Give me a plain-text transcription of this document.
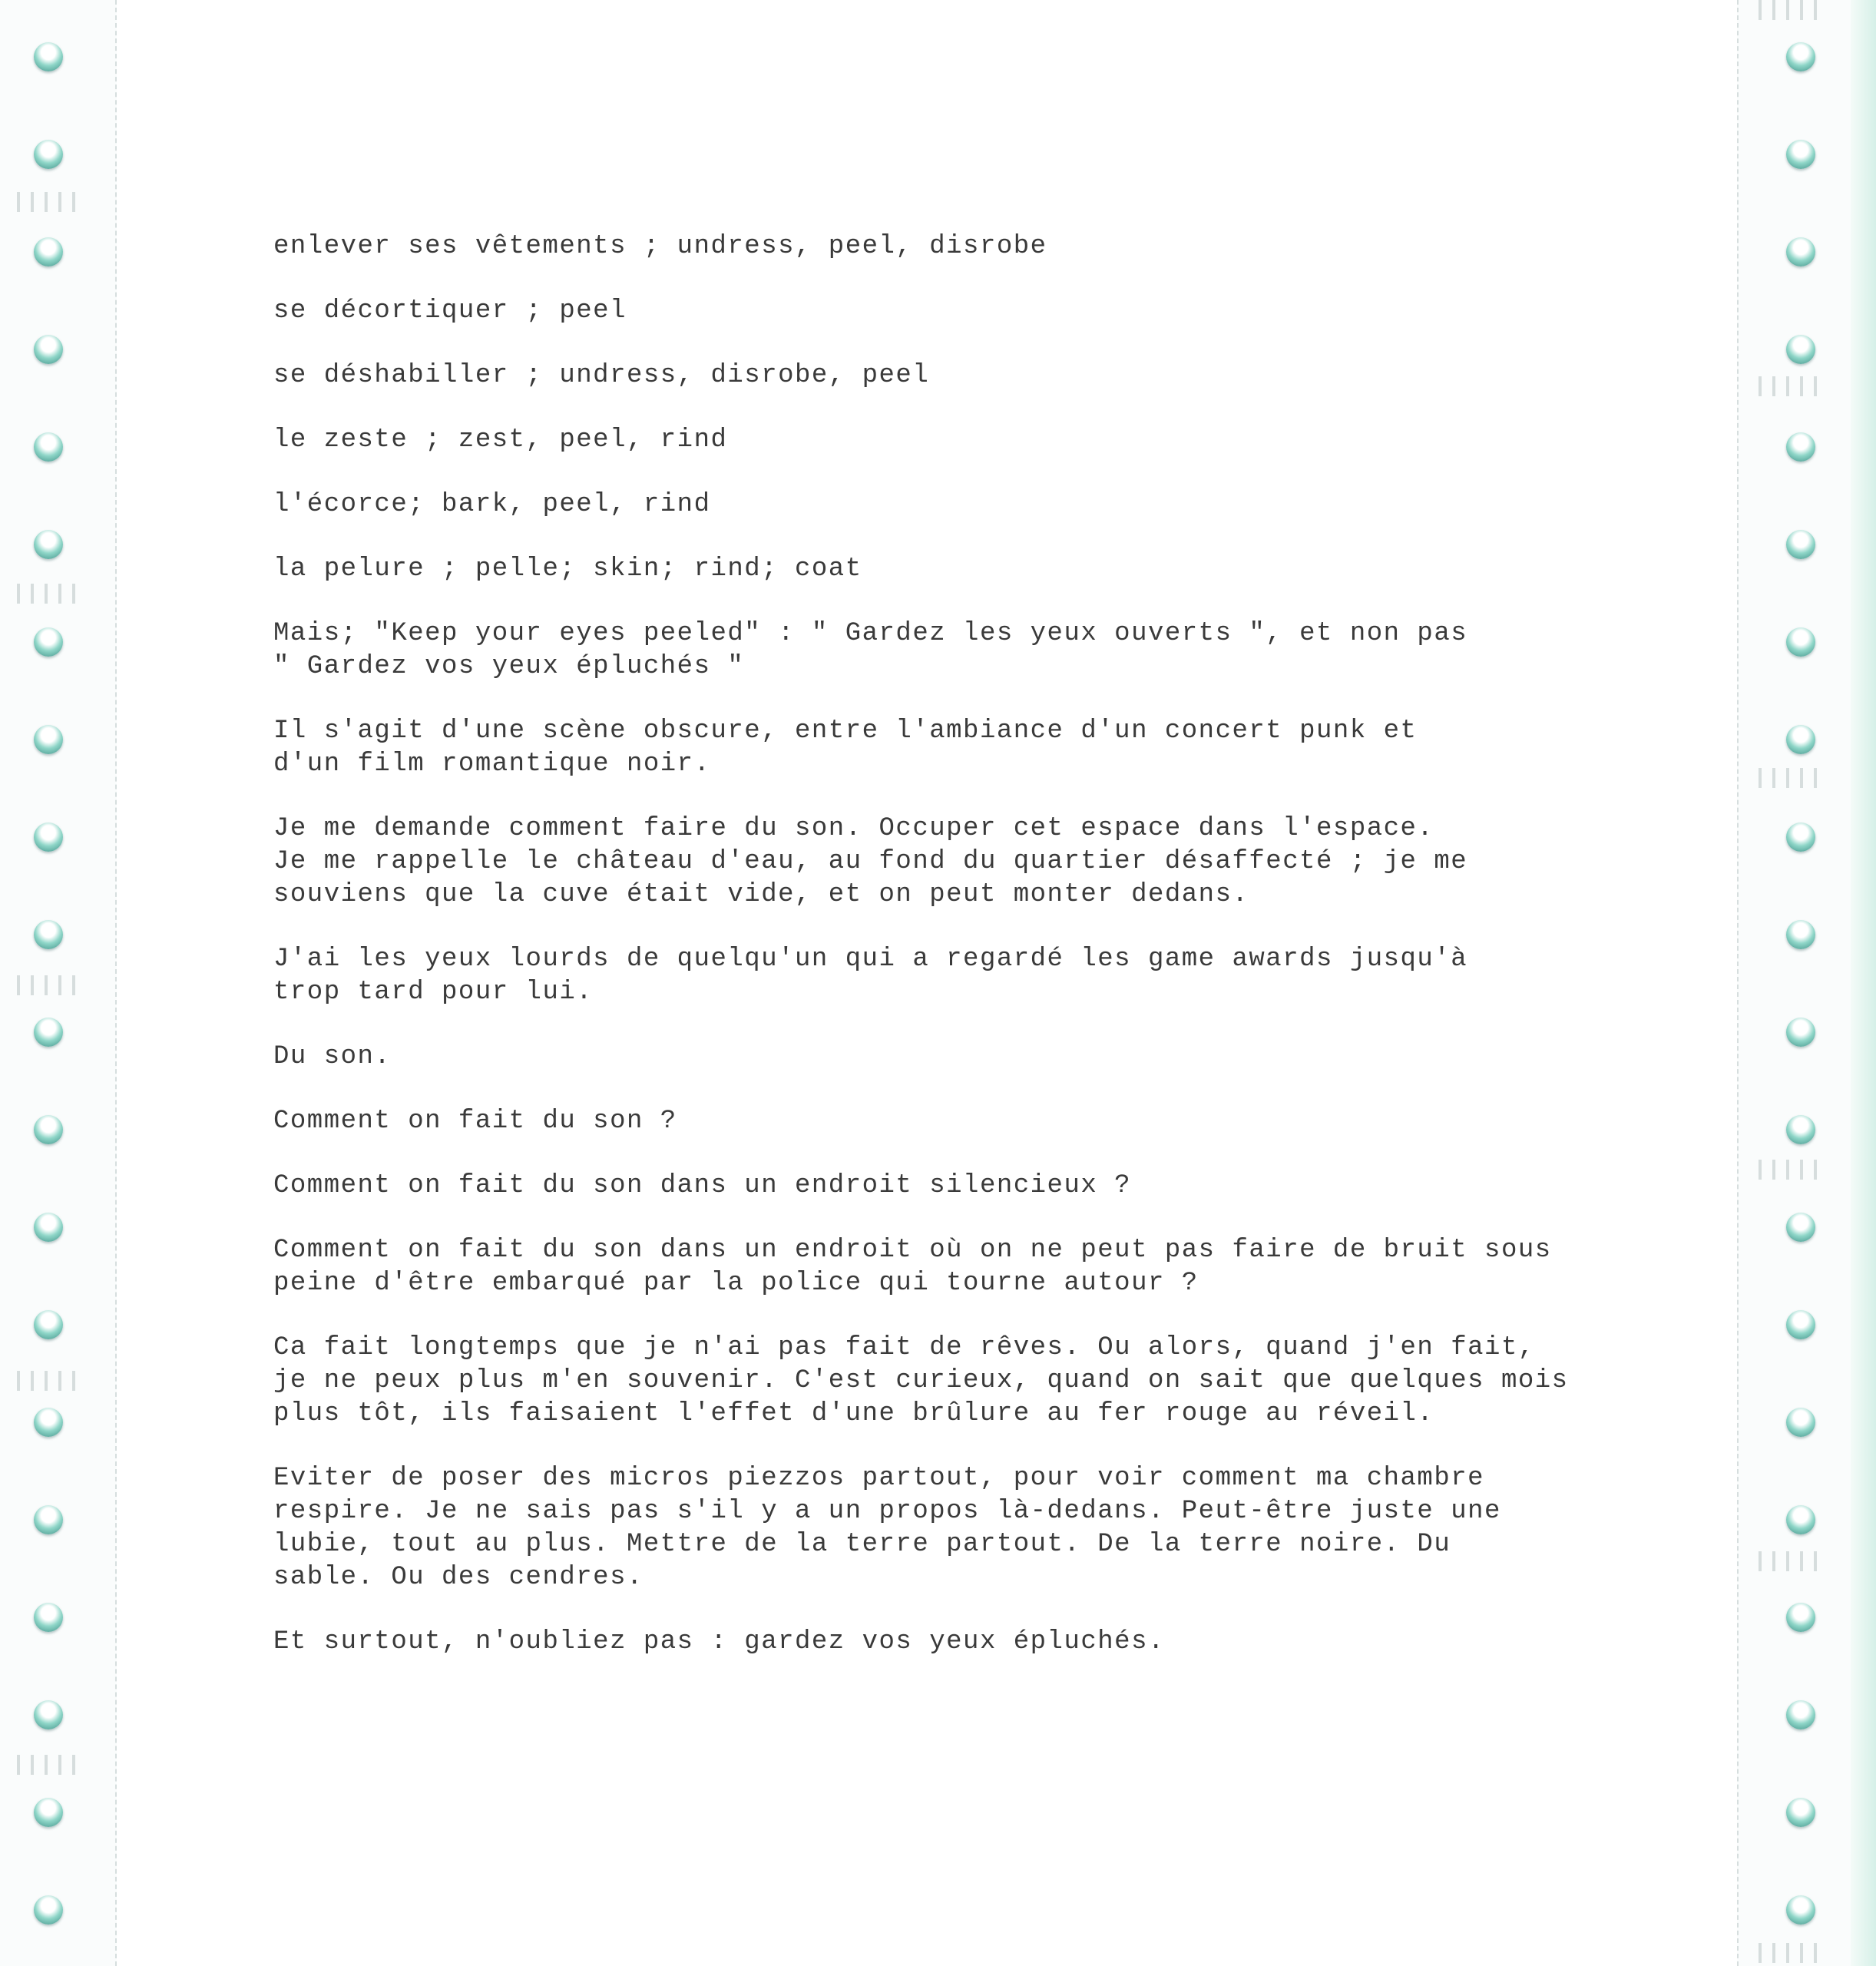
enlever ses vêtements ; undress, peel, disrobe

se décortiquer ; peel

se déshabiller ; undress, disrobe, peel

le zeste ; zest, peel, rind

l'écorce; bark, peel, rind

la pelure ; pelle; skin; rind; coat

Mais; "Keep your eyes peeled" : " Gardez les yeux ouverts ", et non pas
" Gardez vos yeux épluchés "

Il s'agit d'une scène obscure, entre l'ambiance d'un concert punk et
d'un film romantique noir.

Je me demande comment faire du son. Occuper cet espace dans l'espace.
Je me rappelle le château d'eau, au fond du quartier désaffecté ; je me
souviens que la cuve était vide, et on peut monter dedans.

J'ai les yeux lourds de quelqu'un qui a regardé les game awards jusqu'à
trop tard pour lui.

Du son.

Comment on fait du son ?

Comment on fait du son dans un endroit silencieux ?

Comment on fait du son dans un endroit où on ne peut pas faire de bruit sous
peine d'être embarqué par la police qui tourne autour ?

Ca fait longtemps que je n'ai pas fait de rêves. Ou alors, quand j'en fait,
je ne peux plus m'en souvenir. C'est curieux, quand on sait que quelques mois
plus tôt, ils faisaient l'effet d'une brûlure au fer rouge au réveil.

Eviter de poser des micros piezzos partout, pour voir comment ma chambre
respire. Je ne sais pas s'il y a un propos là-dedans. Peut-être juste une
lubie, tout au plus. Mettre de la terre partout. De la terre noire. Du
sable. Ou des cendres.

Et surtout, n'oubliez pas : gardez vos yeux épluchés.
